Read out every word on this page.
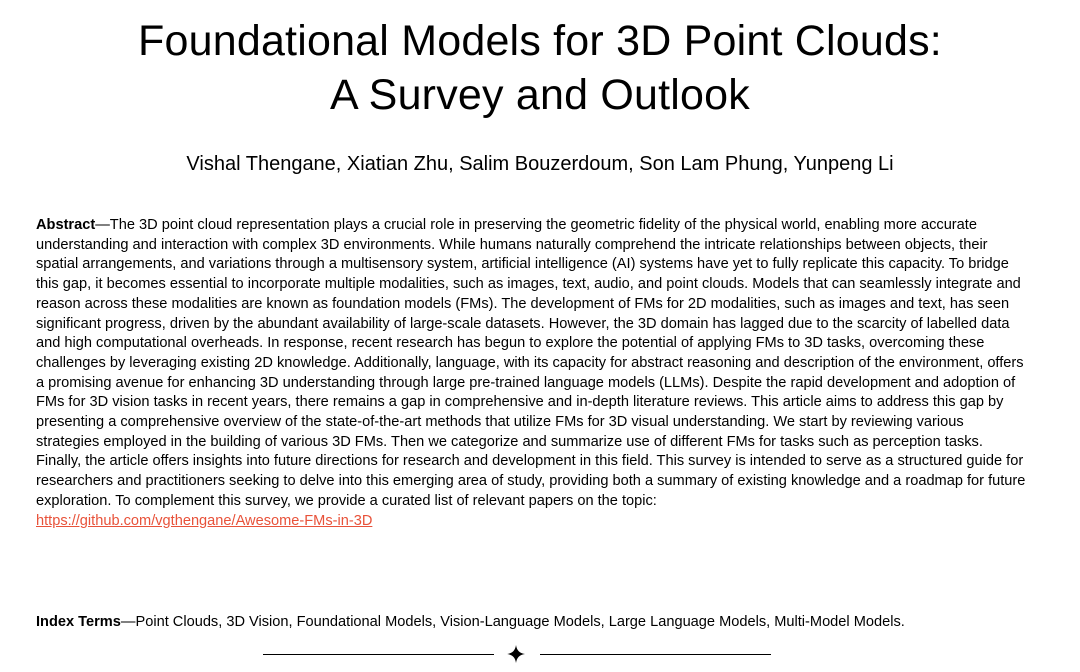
Foundational Models for 3D Point Clouds:
A Survey and Outlook

Vishal Thengane, Xiatian Zhu, Salim Bouzerdoum, Son Lam Phung, Yunpeng Li

Abstract—The 3D point cloud representation plays a crucial role in preserving the geometric fidelity of the physical world, enabling more accurate understanding and interaction with complex 3D environments. While humans naturally comprehend the intricate relationships between objects, their spatial arrangements, and variations through a multisensory system, artificial intelligence (AI) systems have yet to fully replicate this capacity. To bridge this gap, it becomes essential to incorporate multiple modalities, such as images, text, audio, and point clouds. Models that can seamlessly integrate and reason across these modalities are known as foundation models (FMs). The development of FMs for 2D modalities, such as images and text, has seen significant progress, driven by the abundant availability of large-scale datasets. However, the 3D domain has lagged due to the scarcity of labelled data and high computational overheads. In response, recent research has begun to explore the potential of applying FMs to 3D tasks, overcoming these challenges by leveraging existing 2D knowledge. Additionally, language, with its capacity for abstract reasoning and description of the environment, offers a promising avenue for enhancing 3D understanding through large pre-trained language models (LLMs). Despite the rapid development and adoption of FMs for 3D vision tasks in recent years, there remains a gap in comprehensive and in-depth literature reviews. This article aims to address this gap by presenting a comprehensive overview of the state-of-the-art methods that utilize FMs for 3D visual understanding. We start by reviewing various strategies employed in the building of various 3D FMs. Then we categorize and summarize use of different FMs for tasks such as perception tasks. Finally, the article offers insights into future directions for research and development in this field. This survey is intended to serve as a structured guide for researchers and practitioners seeking to delve into this emerging area of study, providing both a summary of existing knowledge and a roadmap for future exploration. To complement this survey, we provide a curated list of relevant papers on the topic:
https://github.com/vgthengane/Awesome-FMs-in-3D

Index Terms—Point Clouds, 3D Vision, Foundational Models, Vision-Language Models, Large Language Models, Multi-Model Models.
